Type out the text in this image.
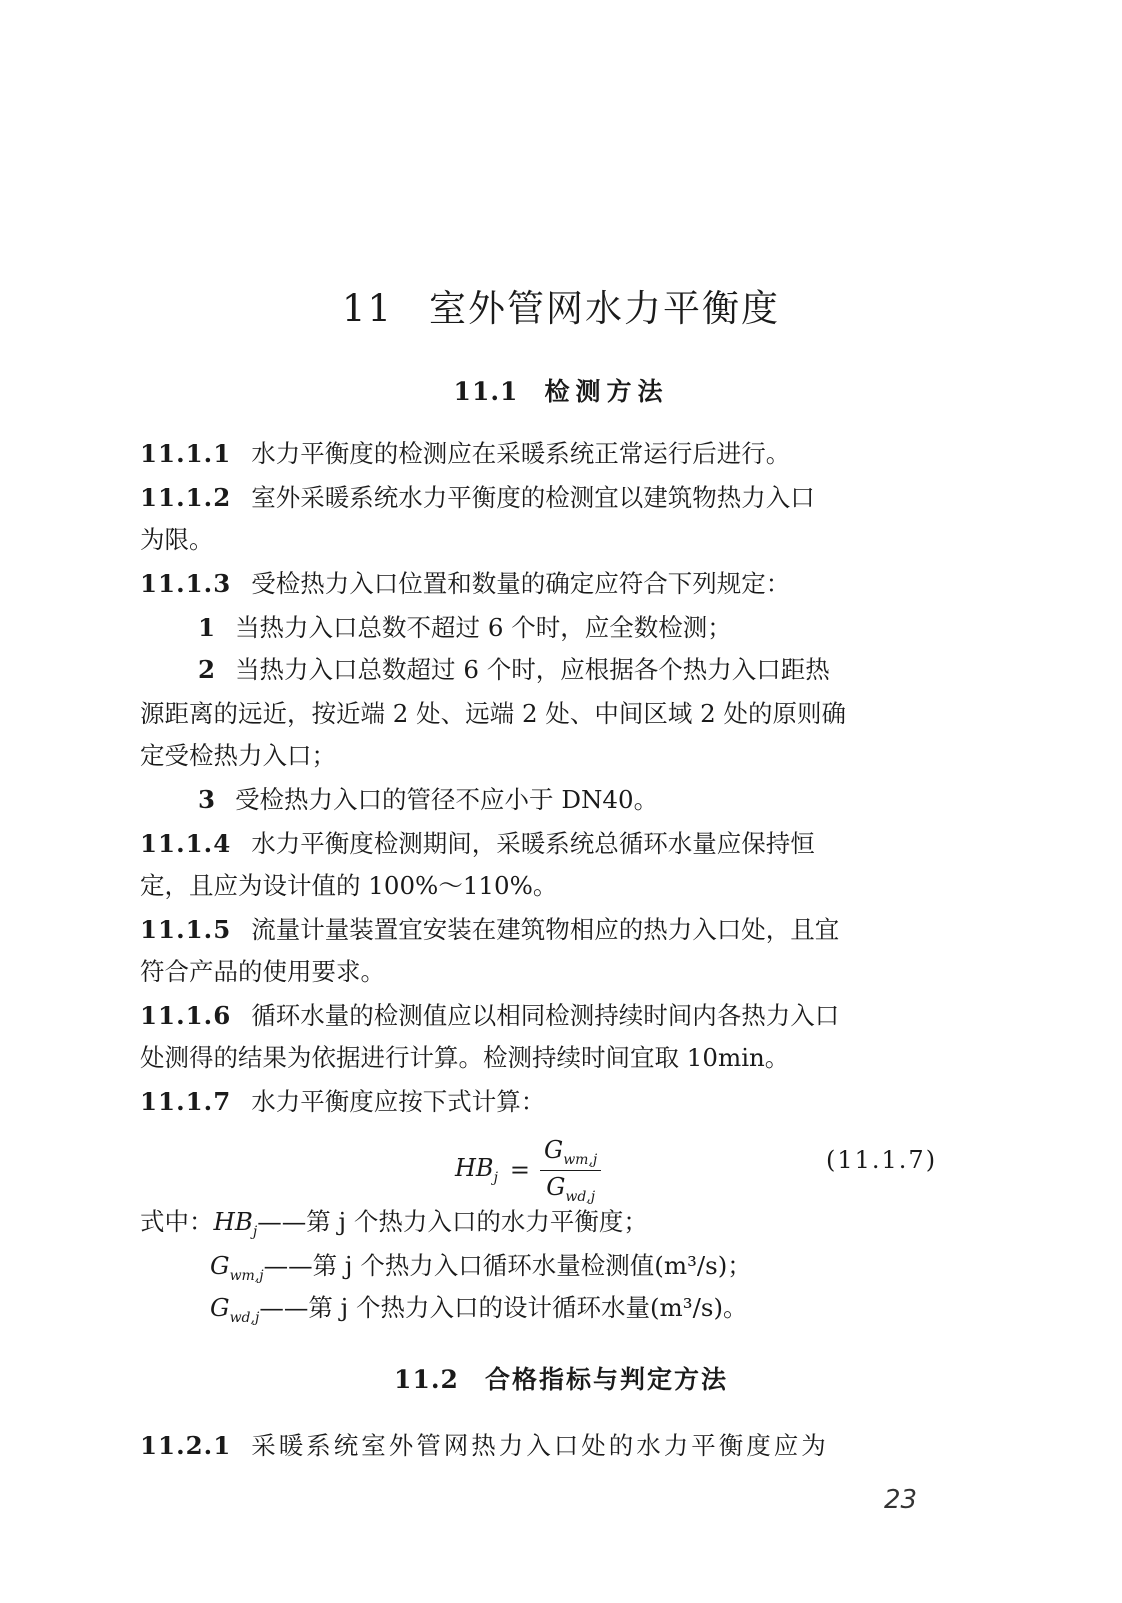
11 室外管网水力平衡度
11.1 检测方法
11.1.1 水力平衡度的检测应在采暖系统正常运行后进行。
11.1.2 室外采暖系统水力平衡度的检测宜以建筑物热力入口
为限。
11.1.3 受检热力入口位置和数量的确定应符合下列规定：
1 当热力入口总数不超过 6 个时，应全数检测；
2 当热力入口总数超过 6 个时，应根据各个热力入口距热
源距离的远近，按近端 2 处、远端 2 处、中间区域 2 处的原则确
定受检热力入口；
3 受检热力入口的管径不应小于 DN40。
11.1.4 水力平衡度检测期间，采暖系统总循环水量应保持恒
定，且应为设计值的 100%～110%。
11.1.5 流量计量装置宜安装在建筑物相应的热力入口处，且宜
符合产品的使用要求。
11.1.6 循环水量的检测值应以相同检测持续时间内各热力入口
处测得的结果为依据进行计算。检测持续时间宜取 10min。
11.1.7 水力平衡度应按下式计算：
$HB_j = \frac{G_{wm,j}}{G_{wd,j}}$	(11.1.7)
式中：$HB_j——$第 j 个热力入口的水力平衡度；
$G_{wm,j}——$第 j 个热力入口循环水量检测值(m³/s)；
$G_{wd,j}——$第 j 个热力入口的设计循环水量(m³/s)。
11.2 合格指标与判定方法
11.2.1 采暖系统室外管网热力入口处的水力平衡度应为
23
